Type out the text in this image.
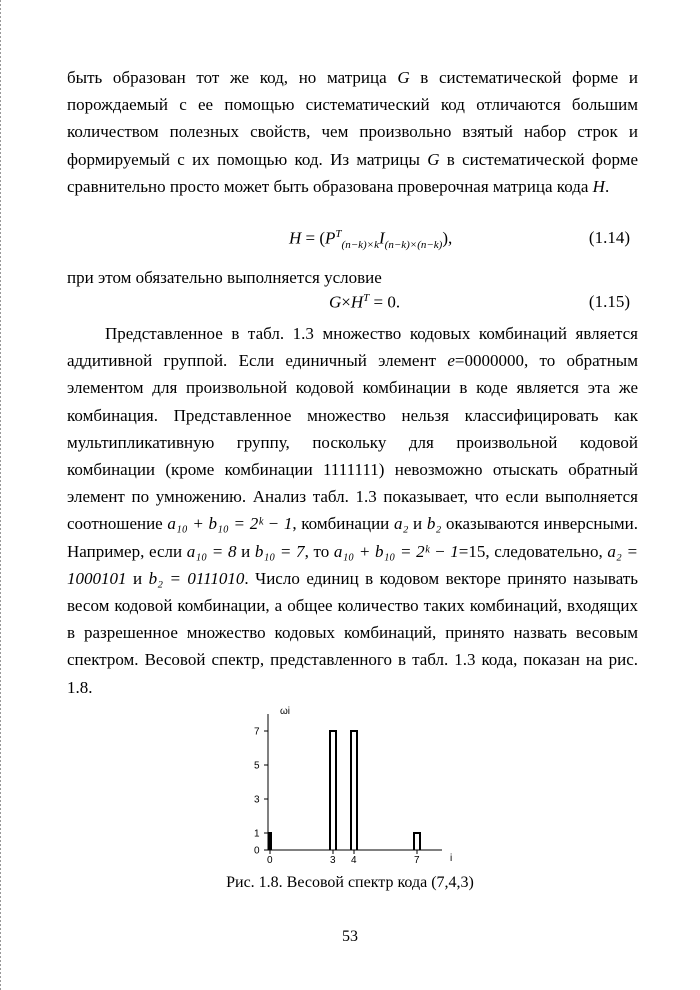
быть образован тот же код, но матрица G в систематической форме и порождаемый с ее помощью систематический код отличаются большим количеством полезных свойств, чем произвольно взятый набор строк и формируемый с их помощью код. Из матрицы G в систематической форме сравнительно просто может быть образована проверочная матрица кода H.
$H = (P^T_{(n-k)\times k}I_{(n-k)\times(n-k)})$,	(1.14)
при этом обязательно выполняется условие
$G\times H^T = 0$.	(1.15)
Представленное в табл. 1.3 множество кодовых комбинаций является аддитивной группой. Если единичный элемент e=0000000, то обратным элементом для произвольной кодовой комбинации в коде является эта же комбинация. Представленное множество нельзя классифицировать как мультипликативную группу, поскольку для произвольной кодовой комбинации (кроме комбинации 1111111) невозможно отыскать обратный элемент по умножению. Анализ табл. 1.3 показывает, что если выполняется соотношение a₁₀ + b₁₀ = 2ᵏ − 1, комбинации a₂ и b₂ оказываются инверсными. Например, если a₁₀ = 8 и b₁₀ = 7, то a₁₀ + b₁₀ = 2ᵏ − 1=15, следовательно, a₂ = 1000101 и b₂ = 0111010. Число единиц в кодовом векторе принято называть весом кодовой комбинации, а общее количество таких комбинаций, входящих в разрешенное множество кодовых комбинаций, принято назвать весовым спектром. Весовой спектр, представленного в табл. 1.3 кода, показан на рис. 1.8.
0
1
3
5
7
0	3 4	7
ωi
i
Рис. 1.8. Весовой спектр кода (7,4,3)
53
